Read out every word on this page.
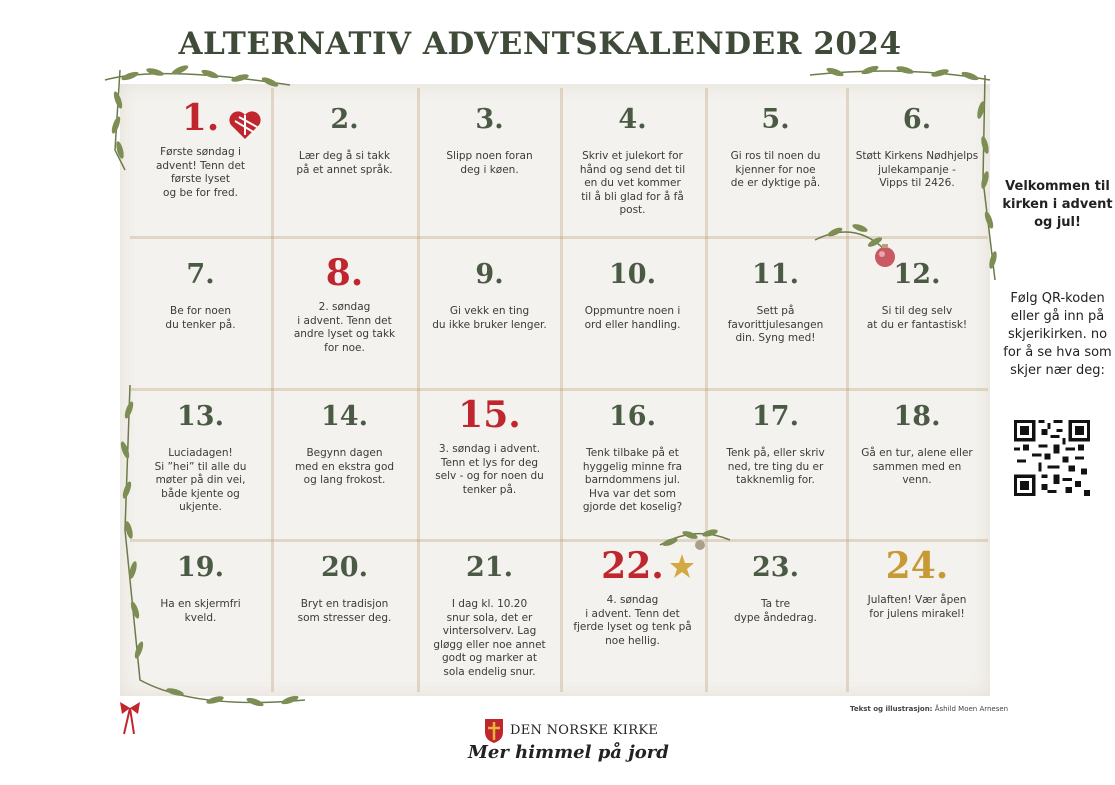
ALTERNATIV ADVENTSKALENDER 2024
1.
Første søndag i
advent! Tenn det
første lyset
og be for fred.
2.
Lær deg å si takk
på et annet språk.
3.
Slipp noen foran
deg i køen.
4.
Skriv et julekort for
hånd og send det til
en du vet kommer
til å bli glad for å få
post.
5.
Gi ros til noen du
kjenner for noe
de er dyktige på.
6.
Støtt Kirkens Nødhjelps
julekampanje -
Vipps til 2426.
7.
Be for noen
du tenker på.
8.
2. søndag
i advent. Tenn det
andre lyset og takk
for noe.
9.
Gi vekk en ting
du ikke bruker lenger.
10.
Oppmuntre noen i
ord eller handling.
11.
Sett på
favorittjulesangen
din. Syng med!
12.
Si til deg selv
at du er fantastisk!
13.
Luciadagen!
Si ”hei” til alle du
møter på din vei,
både kjente og
ukjente.
14.
Begynn dagen
med en ekstra god
og lang frokost.
15.
3. søndag i advent.
Tenn et lys for deg
selv - og for noen du
tenker på.
16.
Tenk tilbake på et
hyggelig minne fra
barndommens jul.
Hva var det som
gjorde det koselig?
17.
Tenk på, eller skriv
ned, tre ting du er
takknemlig for.
18.
Gå en tur, alene eller
sammen med en
venn.
19.
Ha en skjermfri
kveld.
20.
Bryt en tradisjon
som stresser deg.
21.
I dag kl. 10.20
snur sola, det er
vintersolverv. Lag
gløgg eller noe annet
godt og marker at
sola endelig snur.
22.
4. søndag
i advent. Tenn det
fjerde lyset og tenk på
noe hellig.
23.
Ta tre
dype åndedrag.
24.
Julaften! Vær åpen
for julens mirakel!
Velkommen til kirken i advent og jul!
Følg QR-koden eller gå inn på skjerikirken. no for å se hva som skjer nær deg:
Tekst og illustrasjon: Åshild Moen Arnesen
DEN NORSKE KIRKE
Mer himmel på jord
